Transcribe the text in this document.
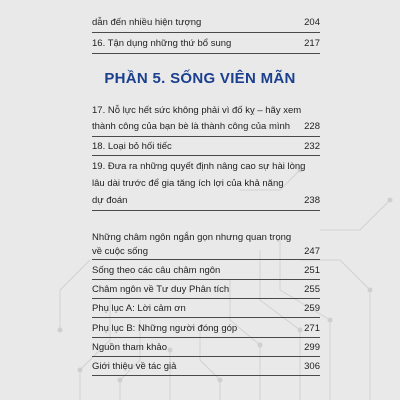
dẫn đến nhiều hiện tượng	204
16. Tận dụng những thứ bổ sung	217
PHẦN 5. SỐNG VIÊN MÃN
17. Nỗ lực hết sức không phải vì đố kỵ – hãy xem
thành công của bạn bè là thành công của mình 228
18. Loại bỏ hối tiếc	232
19. Đưa ra những quyết định nâng cao sự hài lòng
lâu dài trước để gia tăng ích lợi của khả năng
dự đoán	238
Những châm ngôn ngắn gọn nhưng quan trọng
về cuộc sống	247
Sống theo các câu châm ngôn	251
Châm ngôn về Tư duy Phân tích	255
Phụ lục A: Lời cảm ơn	259
Phụ lục B: Những người đóng góp	271
Nguồn tham khảo	299
Giới thiệu về tác giả	306
